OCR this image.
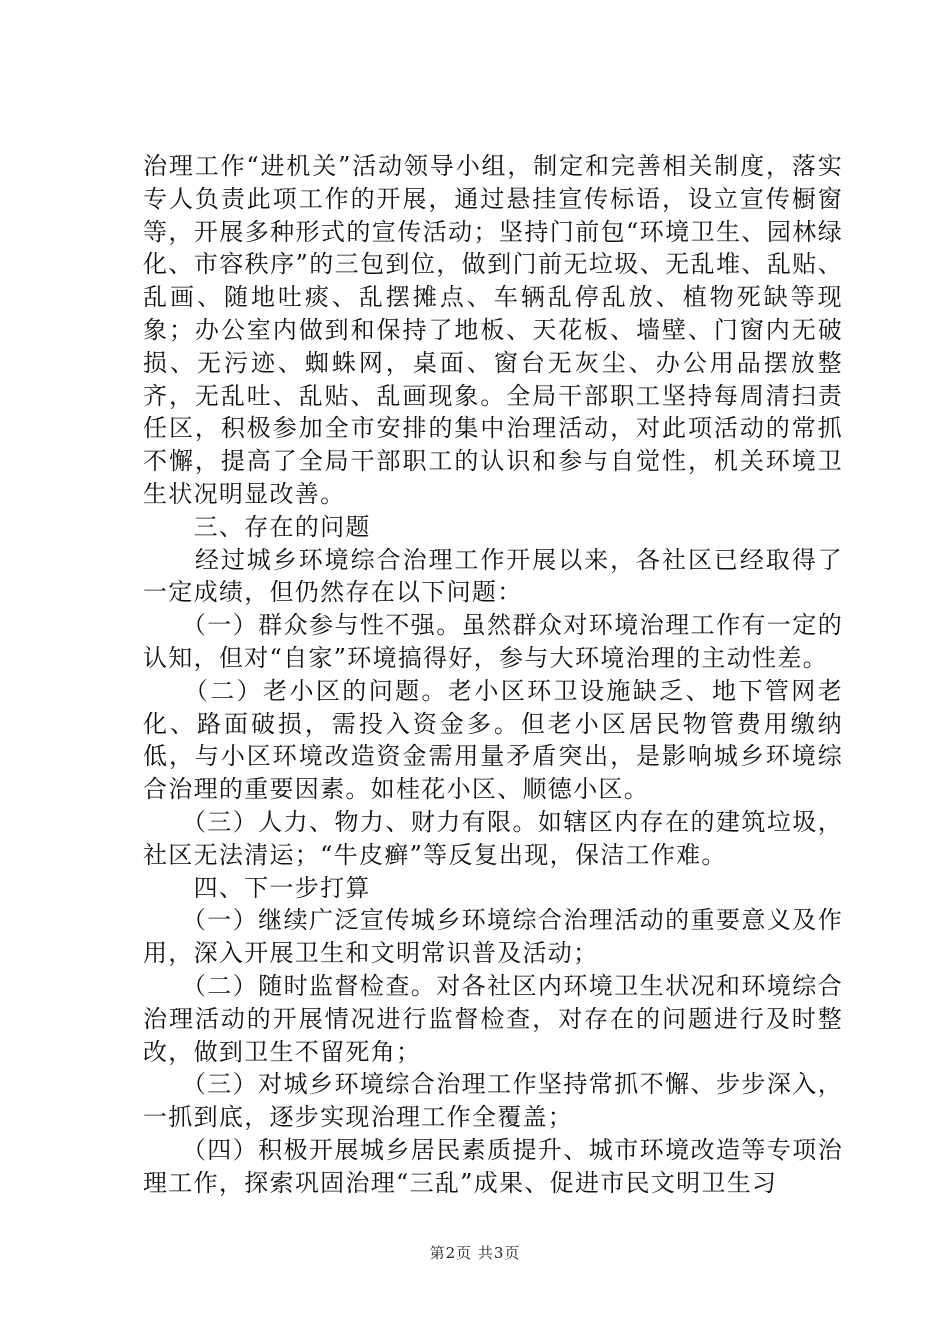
治理工作“进机关”活动领导小组，制定和完善相关制度，落实专人负责此项工作的开展，通过悬挂宣传标语，设立宣传橱窗等，开展多种形式的宣传活动；坚持门前包“环境卫生、园林绿化、市容秩序”的三包到位，做到门前无垃圾、无乱堆、乱贴、乱画、随地吐痰、乱摆摊点、车辆乱停乱放、植物死缺等现象；办公室内做到和保持了地板、天花板、墙壁、门窗内无破损、无污迹、蜘蛛网，桌面、窗台无灰尘、办公用品摆放整齐，无乱吐、乱贴、乱画现象。全局干部职工坚持每周清扫责任区，积极参加全市安排的集中治理活动，对此项活动的常抓不懈，提高了全局干部职工的认识和参与自觉性，机关环境卫生状况明显改善。

　　三、存在的问题

　　经过城乡环境综合治理工作开展以来，各社区已经取得了一定成绩，但仍然存在以下问题：

　　（一）群众参与性不强。虽然群众对环境治理工作有一定的认知，但对“自家”环境搞得好，参与大环境治理的主动性差。

　　（二）老小区的问题。老小区环卫设施缺乏、地下管网老化、路面破损，需投入资金多。但老小区居民物管费用缴纳低，与小区环境改造资金需用量矛盾突出，是影响城乡环境综合治理的重要因素。如桂花小区、顺德小区。

　　（三）人力、物力、财力有限。如辖区内存在的建筑垃圾，社区无法清运；“牛皮癣”等反复出现，保洁工作难。

　　四、下一步打算

　　（一）继续广泛宣传城乡环境综合治理活动的重要意义及作用，深入开展卫生和文明常识普及活动；

　　（二）随时监督检查。对各社区内环境卫生状况和环境综合治理活动的开展情况进行监督检查，对存在的问题进行及时整改，做到卫生不留死角；

　　（三）对城乡环境综合治理工作坚持常抓不懈、步步深入，一抓到底，逐步实现治理工作全覆盖；

　　（四）积极开展城乡居民素质提升、城市环境改造等专项治理工作，探索巩固治理“三乱”成果、促进市民文明卫生习

第2页 共3页
